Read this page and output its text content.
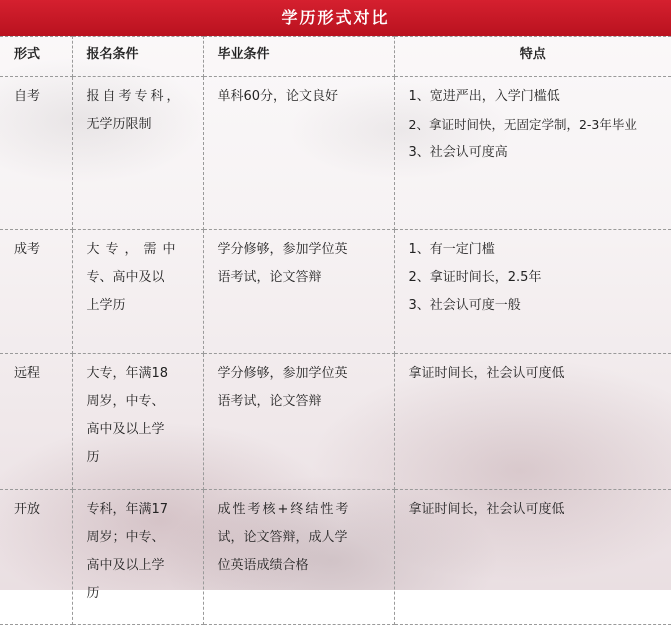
学历形式对比
形式	报名条件	毕业条件	特点
自考	报自考专科，
无学历限制	单科60分，论文良好	1、宽进严出，入学门槛低
2、拿证时间快，无固定学制，2-3年毕业
3、社会认可度高

成考	大专，需中
专、高中及以
上学历	学分修够，参加学位英
语考试，论文答辩	1、有一定门槛
2、拿证时间长，2.5年
3、社会认可度一般

远程	大专，年满18
周岁，中专、
高中及以上学
历	学分修够，参加学位英
语考试，论文答辩	拿证时间长，社会认可度低

开放	专科，年满17
周岁；中专、
高中及以上学
历	成性考核+终结性考
试，论文答辩，成人学
位英语成绩合格	拿证时间长，社会认可度低
